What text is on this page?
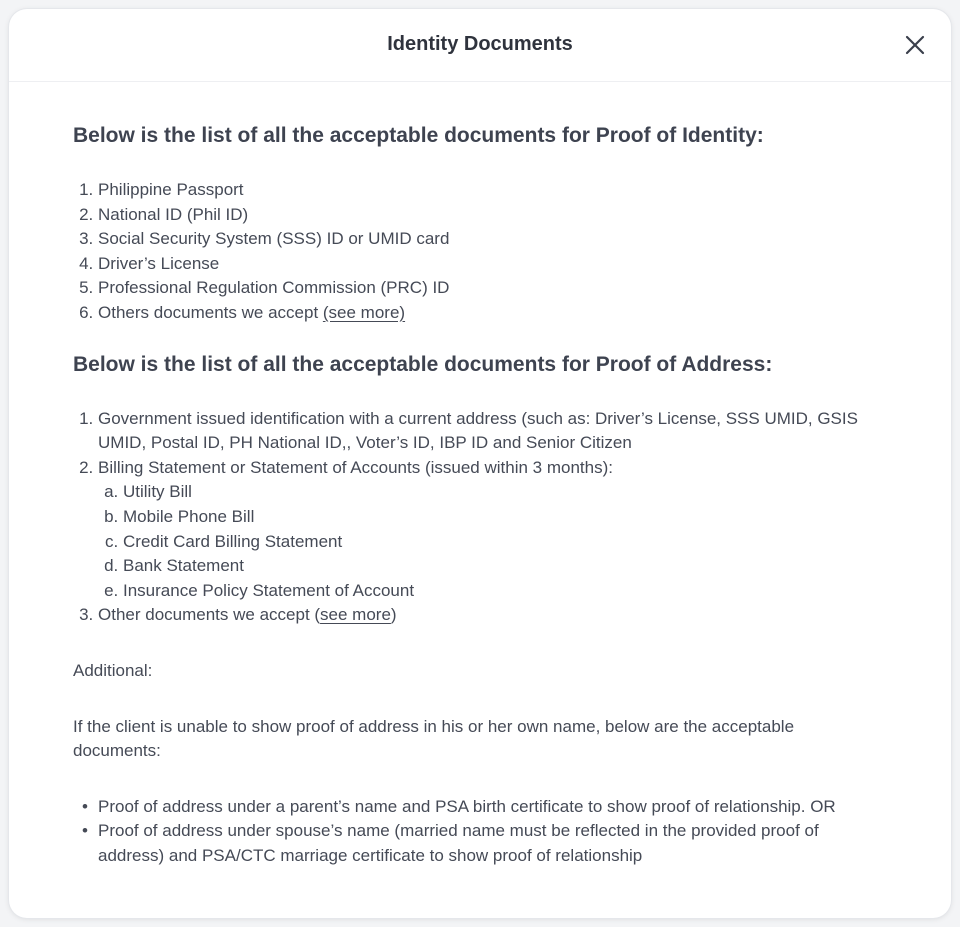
Identity Documents
Below is the list of all the acceptable documents for Proof of Identity:
1. Philippine Passport
2. National ID (Phil ID)
3. Social Security System (SSS) ID or UMID card
4. Driver’s License
5. Professional Regulation Commission (PRC) ID
6. Others documents we accept (see more)
Below is the list of all the acceptable documents for Proof of Address:
1. Government issued identification with a current address (such as: Driver’s License, SSS UMID, GSIS UMID, Postal ID, PH National ID,, Voter’s ID, IBP ID and Senior Citizen
2. Billing Statement or Statement of Accounts (issued within 3 months):
a. Utility Bill
b. Mobile Phone Bill
c. Credit Card Billing Statement
d. Bank Statement
e. Insurance Policy Statement of Account
3. Other documents we accept (see more)

Additional:

If the client is unable to show proof of address in his or her own name, below are the acceptable documents:

• Proof of address under a parent’s name and PSA birth certificate to show proof of relationship. OR
• Proof of address under spouse’s name (married name must be reflected in the provided proof of address) and PSA/CTC marriage certificate to show proof of relationship
